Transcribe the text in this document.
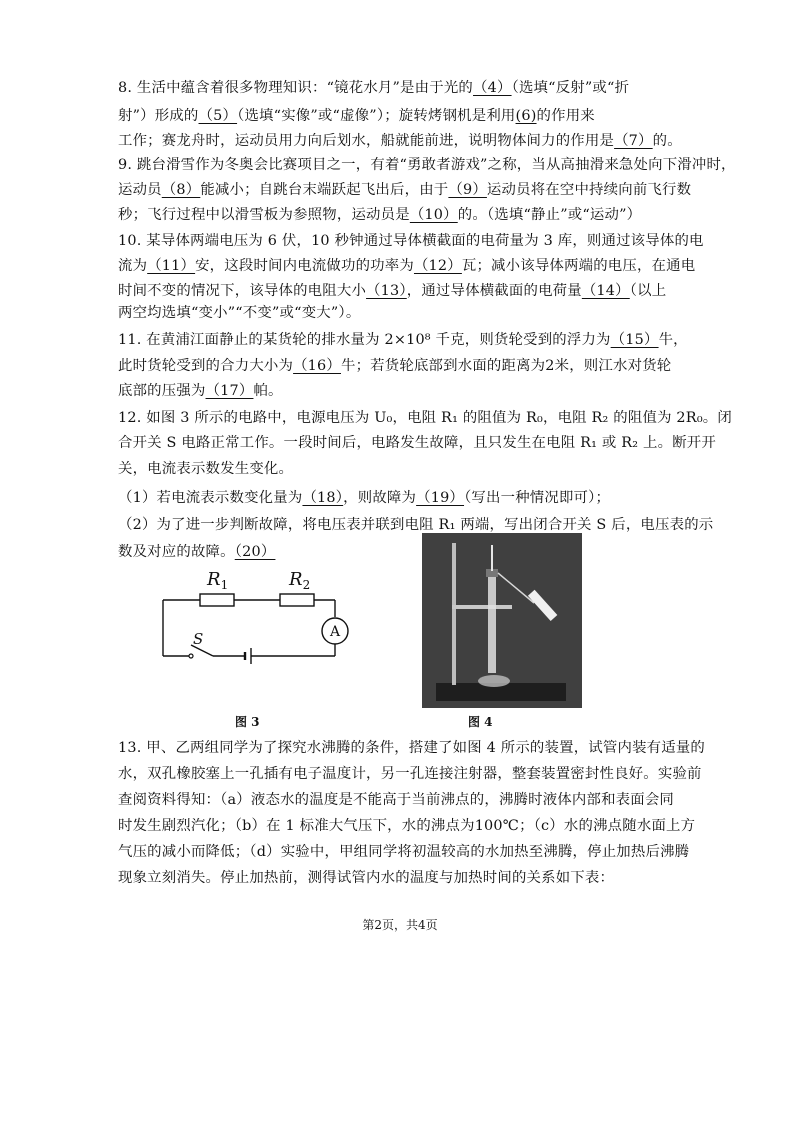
8. 生活中蕴含着很多物理知识：“镜花水月”是由于光的（4）（选填“反射”或“折
射”）形成的（5）（选填“实像”或“虚像”）；旋转烤钢机是利用(6)的作用来
工作；赛龙舟时，运动员用力向后划水，船就能前进，说明物体间力的作用是（7）的。
9. 跳台滑雪作为冬奥会比赛项目之一，有着“勇敢者游戏”之称，当从高抽滑来急处向下滑冲时，
运动员（8）能减小；自跳台末端跃起飞出后，由于（9）运动员将在空中持续向前飞行数
秒；飞行过程中以滑雪板为参照物，运动员是（10）的。（选填“静止”或“运动”）
10. 某导体两端电压为 6 伏，10 秒钟通过导体横截面的电荷量为 3 库，则通过该导体的电
流为（11）安，这段时间内电流做功的功率为（12）瓦；减小该导体两端的电压，在通电
时间不变的情况下，该导体的电阻大小（13），通过导体横截面的电荷量（14）（以上
两空均选填“变小”“不变”或“变大”）。
11. 在黄浦江面静止的某货轮的排水量为 2×10⁸ 千克，则货轮受到的浮力为（15）牛，
此时货轮受到的合力大小为（16）牛；若货轮底部到水面的距离为2米，则江水对货轮
底部的压强为（17）帕。
12. 如图 3 所示的电路中，电源电压为 U₀，电阻 R₁ 的阻值为 R₀，电阻 R₂ 的阻值为 2R₀。闭
合开关 S 电路正常工作。一段时间后，电路发生故障，且只发生在电阻 R₁ 或 R₂ 上。断开开
关，电流表示数发生变化。
（1）若电流表示数变化量为（18），则故障为（19）（写出一种情况即可）；
（2）为了进一步判断故障，将电压表并联到电阻 R₁ 两端，写出闭合开关 S 后，电压表的示
数及对应的故障。（20）
$R_1$	$R_2$
S	A
图 3	图 4
13. 甲、乙两组同学为了探究水沸腾的条件，搭建了如图 4 所示的装置，试管内装有适量的
水，双孔橡胶塞上一孔插有电子温度计，另一孔连接注射器，整套装置密封性良好。实验前
查阅资料得知：（a）液态水的温度是不能高于当前沸点的，沸腾时液体内部和表面会同
时发生剧烈汽化；（b）在 1 标准大气压下，水的沸点为100℃；（c）水的沸点随水面上方
气压的减小而降低；（d）实验中，甲组同学将初温较高的水加热至沸腾，停止加热后沸腾
现象立刻消失。停止加热前，测得试管内水的温度与加热时间的关系如下表：
第2页，共4页
